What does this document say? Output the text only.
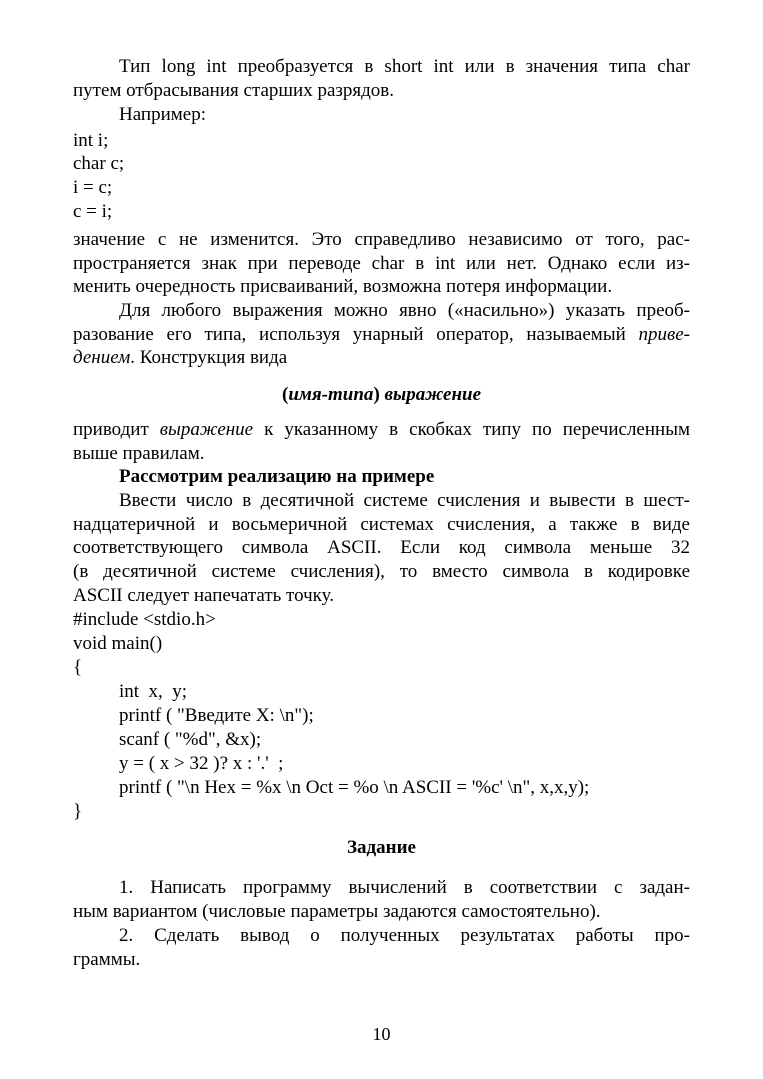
Тип long int преобразуется в short int или в значения типа char

путем отбрасывания старших разрядов.

Например:

int i;

char c;

i = c;

c = i;

значение c не изменится. Это справедливо независимо от того, рас-

пространяется знак при переводе char в int или нет. Однако если из-

менить очередность присваиваний, возможна потеря информации.

Для любого выражения можно явно («насильно») указать преоб-

разование его типа, используя унарный оператор, называемый приве-

дением. Конструкция вида

(имя-типа) выражение

приводит выражение к указанному в скобках типу по перечисленным

выше правилам.

Рассмотрим реализацию на примере

Ввести число в десятичной системе счисления и вывести в шест-

надцатеричной и восьмеричной системах счисления, а также в виде

соответствующего символа ASCII. Если код символа меньше 32

(в десятичной системе счисления), то вместо символа в кодировке

ASCII следует напечатать точку.

#include <stdio.h>

void main()

{

int  x,  y;

printf ( "Введите X: \n");

scanf ( "%d", &x);

y = ( x > 32 )? x : '.'  ;

printf ( "\n Hex = %x \n Oct = %o \n ASCII = '%c' \n", x,x,y);

}

Задание

1. Написать программу вычислений в соответствии с задан-

ным вариантом (числовые параметры задаются самостоятельно).

2. Сделать вывод о полученных результатах работы про-

граммы.

10
